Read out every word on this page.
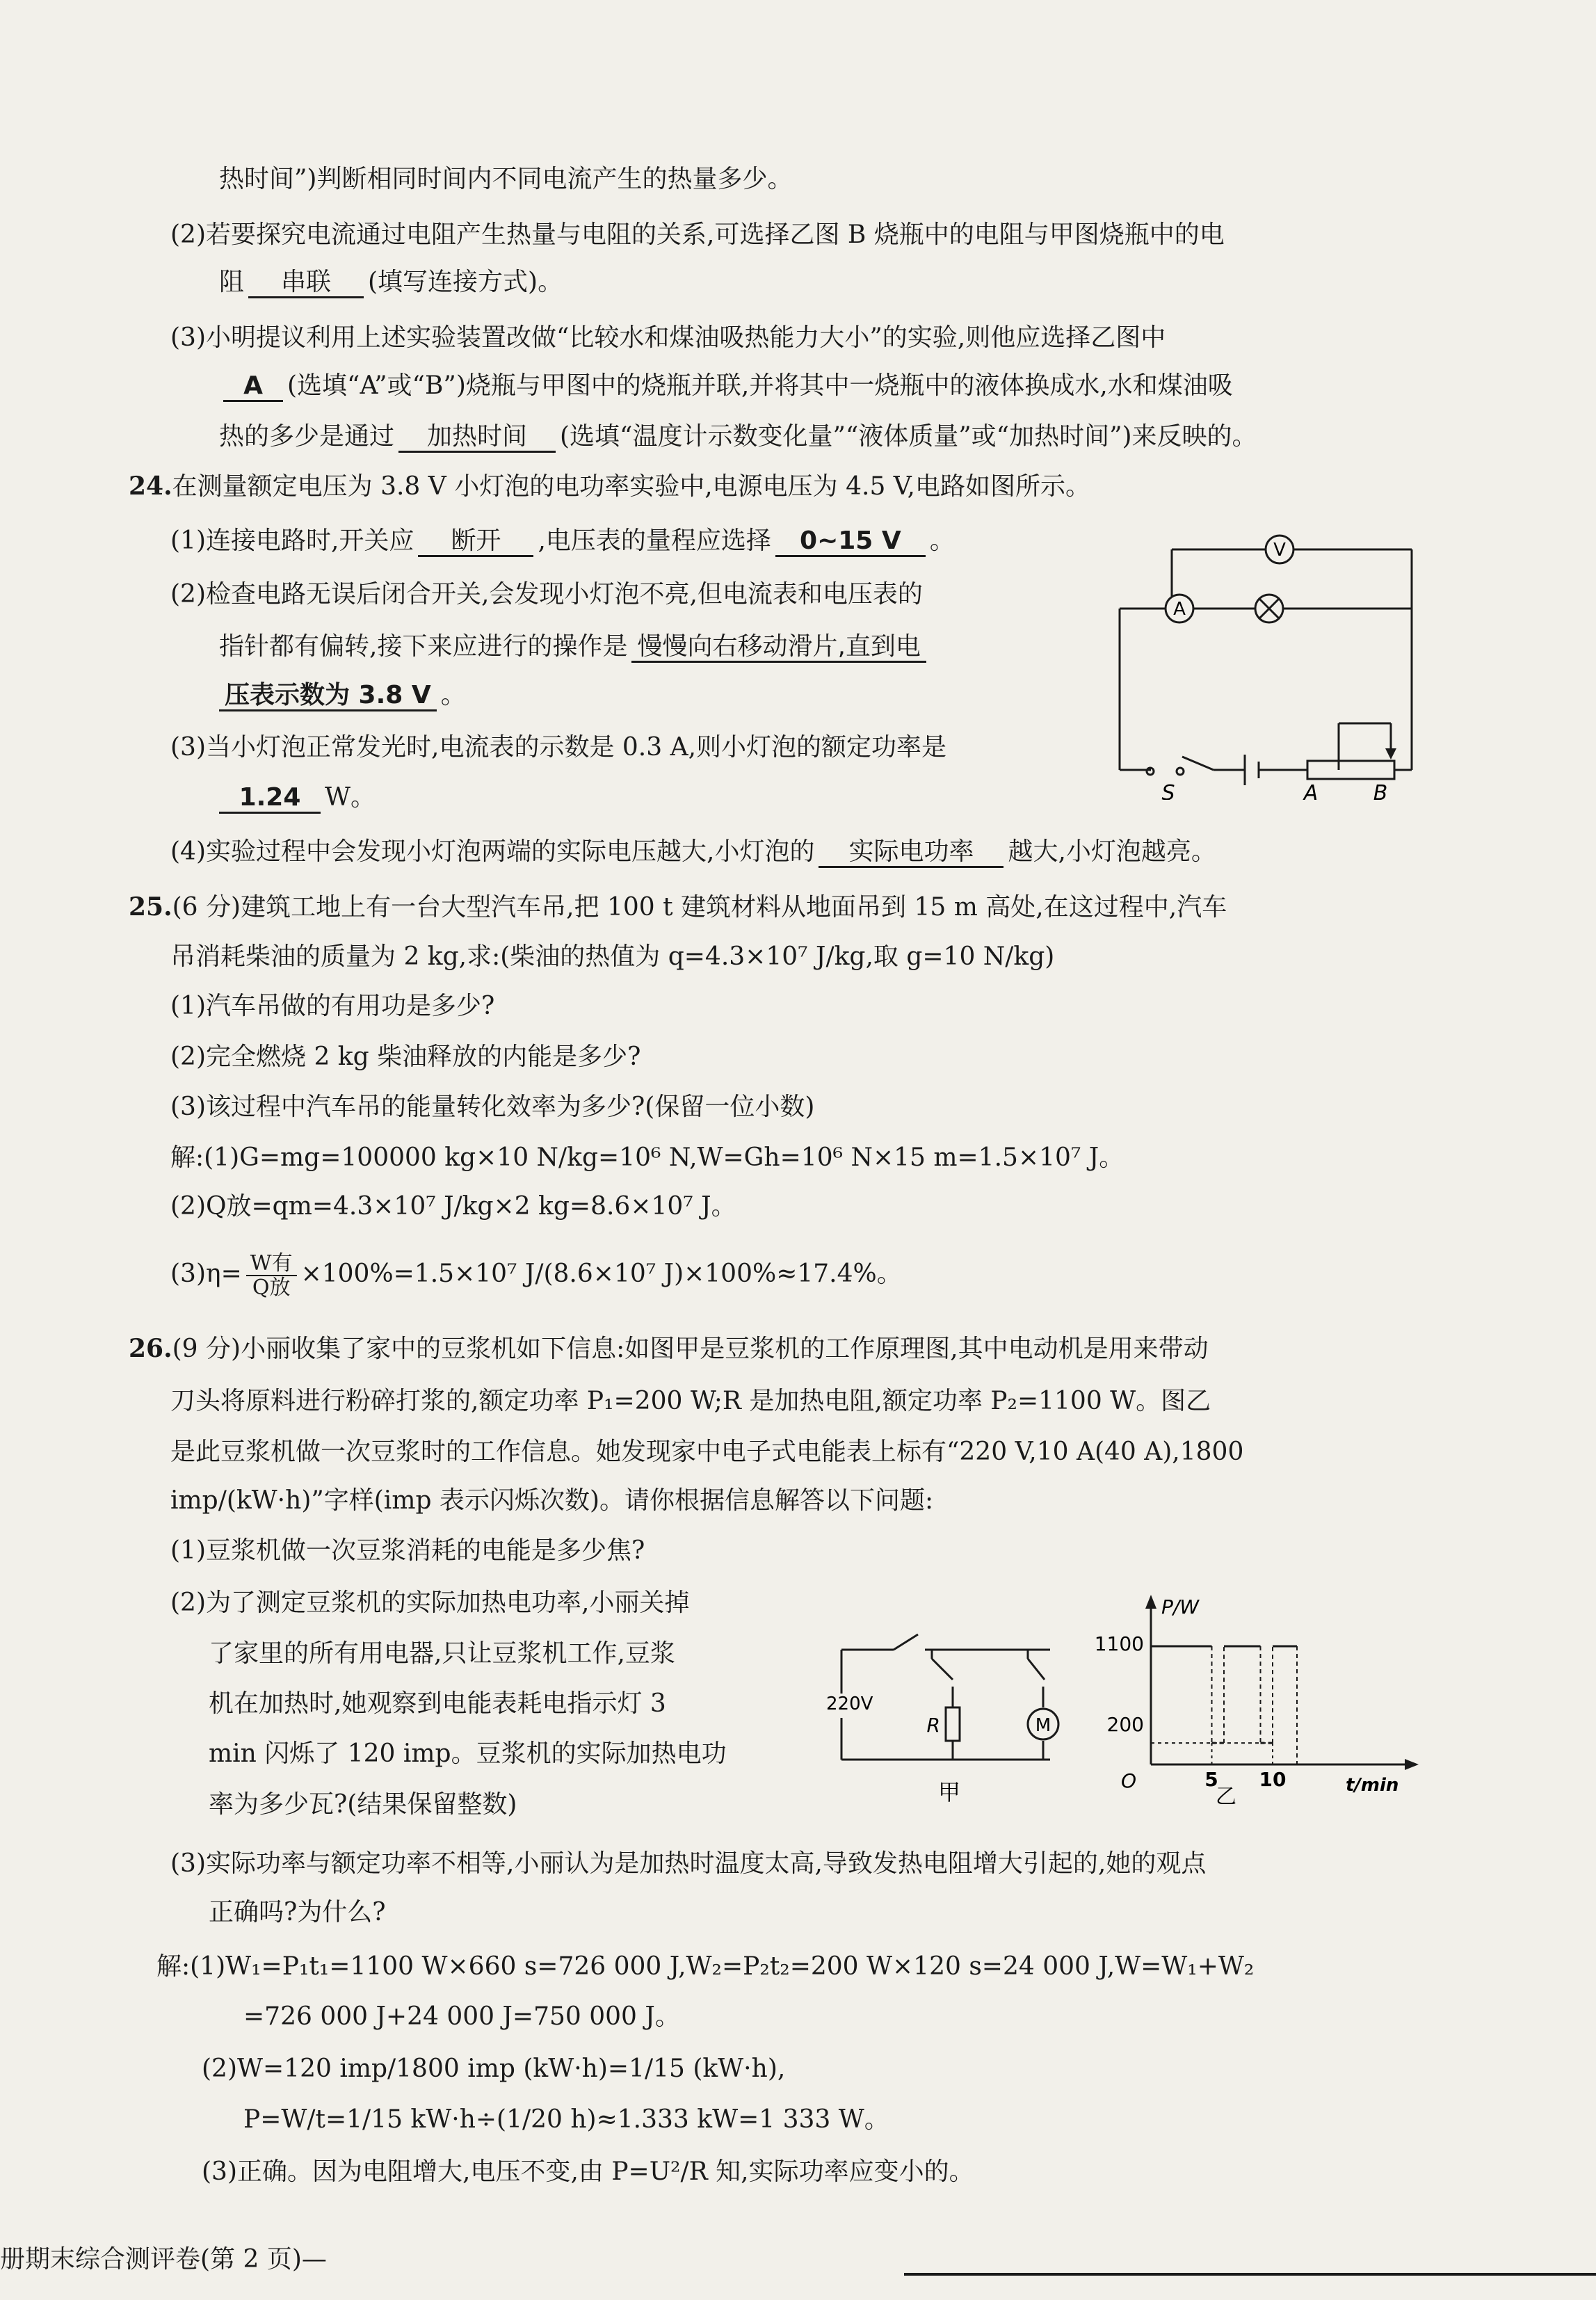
热时间”)判断相同时间内不同电流产生的热量多少。
(2)若要探究电流通过电阻产生热量与电阻的关系,可选择乙图 B 烧瓶中的电阻与甲图烧瓶中的电
阻 串联 (填写连接方式)。
(3)小明提议利用上述实验装置改做“比较水和煤油吸热能力大小”的实验,则他应选择乙图中
A (选填“A”或“B”)烧瓶与甲图中的烧瓶并联,并将其中一烧瓶中的液体换成水,水和煤油吸
热的多少是通过 加热时间 (选填“温度计示数变化量”“液体质量”或“加热时间”)来反映的。
24.在测量额定电压为 3.8 V 小灯泡的电功率实验中,电源电压为 4.5 V,电路如图所示。
(1)连接电路时,开关应 断开 ,电压表的量程应选择 0~15 V 。
(2)检查电路无误后闭合开关,会发现小灯泡不亮,但电流表和电压表的
指针都有偏转,接下来应进行的操作是 慢慢向右移动滑片,直到电
压表示数为 3.8 V 。
(3)当小灯泡正常发光时,电流表的示数是 0.3 A,则小灯泡的额定功率是
1.24 W。
(4)实验过程中会发现小灯泡两端的实际电压越大,小灯泡的 实际电功率 越大,小灯泡越亮。
V
A
S	A	B
25.(6 分)建筑工地上有一台大型汽车吊,把 100 t 建筑材料从地面吊到 15 m 高处,在这过程中,汽车
吊消耗柴油的质量为 2 kg,求:(柴油的热值为 q=4.3×10⁷ J/kg,取 g=10 N/kg)
(1)汽车吊做的有用功是多少?
(2)完全燃烧 2 kg 柴油释放的内能是多少?
(3)该过程中汽车吊的能量转化效率为多少?(保留一位小数)
解:(1)G=mg=100000 kg×10 N/kg=10⁶ N,W=Gh=10⁶ N×15 m=1.5×10⁷ J。
(2)Q放=qm=4.3×10⁷ J/kg×2 kg=8.6×10⁷ J。
$(3)\eta= \frac{\text{W有}}{\text{Q放}} \times 100\%=1.5\times 10^7$ J/(8.6×10⁷ J)×100%≈17.4%。
26.(9 分)小丽收集了家中的豆浆机如下信息:如图甲是豆浆机的工作原理图,其中电动机是用来带动
刀头将原料进行粉碎打浆的,额定功率 P₁=200 W;R 是加热电阻,额定功率 P₂=1100 W。图乙
是此豆浆机做一次豆浆时的工作信息。她发现家中电子式电能表上标有“220 V,10 A(40 A),1800
imp/(kW·h)”字样(imp 表示闪烁次数)。请你根据信息解答以下问题:
(1)豆浆机做一次豆浆消耗的电能是多少焦?
(2)为了测定豆浆机的实际加热电功率,小丽关掉
了家里的所有用电器,只让豆浆机工作,豆浆
机在加热时,她观察到电能表耗电指示灯 3
min 闪烁了 120 imp。豆浆机的实际加热电功
率为多少瓦?(结果保留整数)
(3)实际功率与额定功率不相等,小丽认为是加热时温度太高,导致发热电阻增大引起的,她的观点
正确吗?为什么?
解:(1)W₁=P₁t₁=1100 W×660 s=726 000 J,W₂=P₂t₂=200 W×120 s=24 000 J,W=W₁+W₂
=726 000 J+24 000 J=750 000 J。
(2)W=120 imp/1800 imp (kW·h)=1/15 (kW·h),
P=W/t=1/15 kW·h÷(1/20 h)≈1.333 kW=1 333 W。
(3)正确。因为电阻增大,电压不变,由 P=U²/R 知,实际功率应变小的。
M
R
220V
甲
P/W
t/min
O
1100
200
5 10
乙
册期末综合测评卷(第 2 页)—
